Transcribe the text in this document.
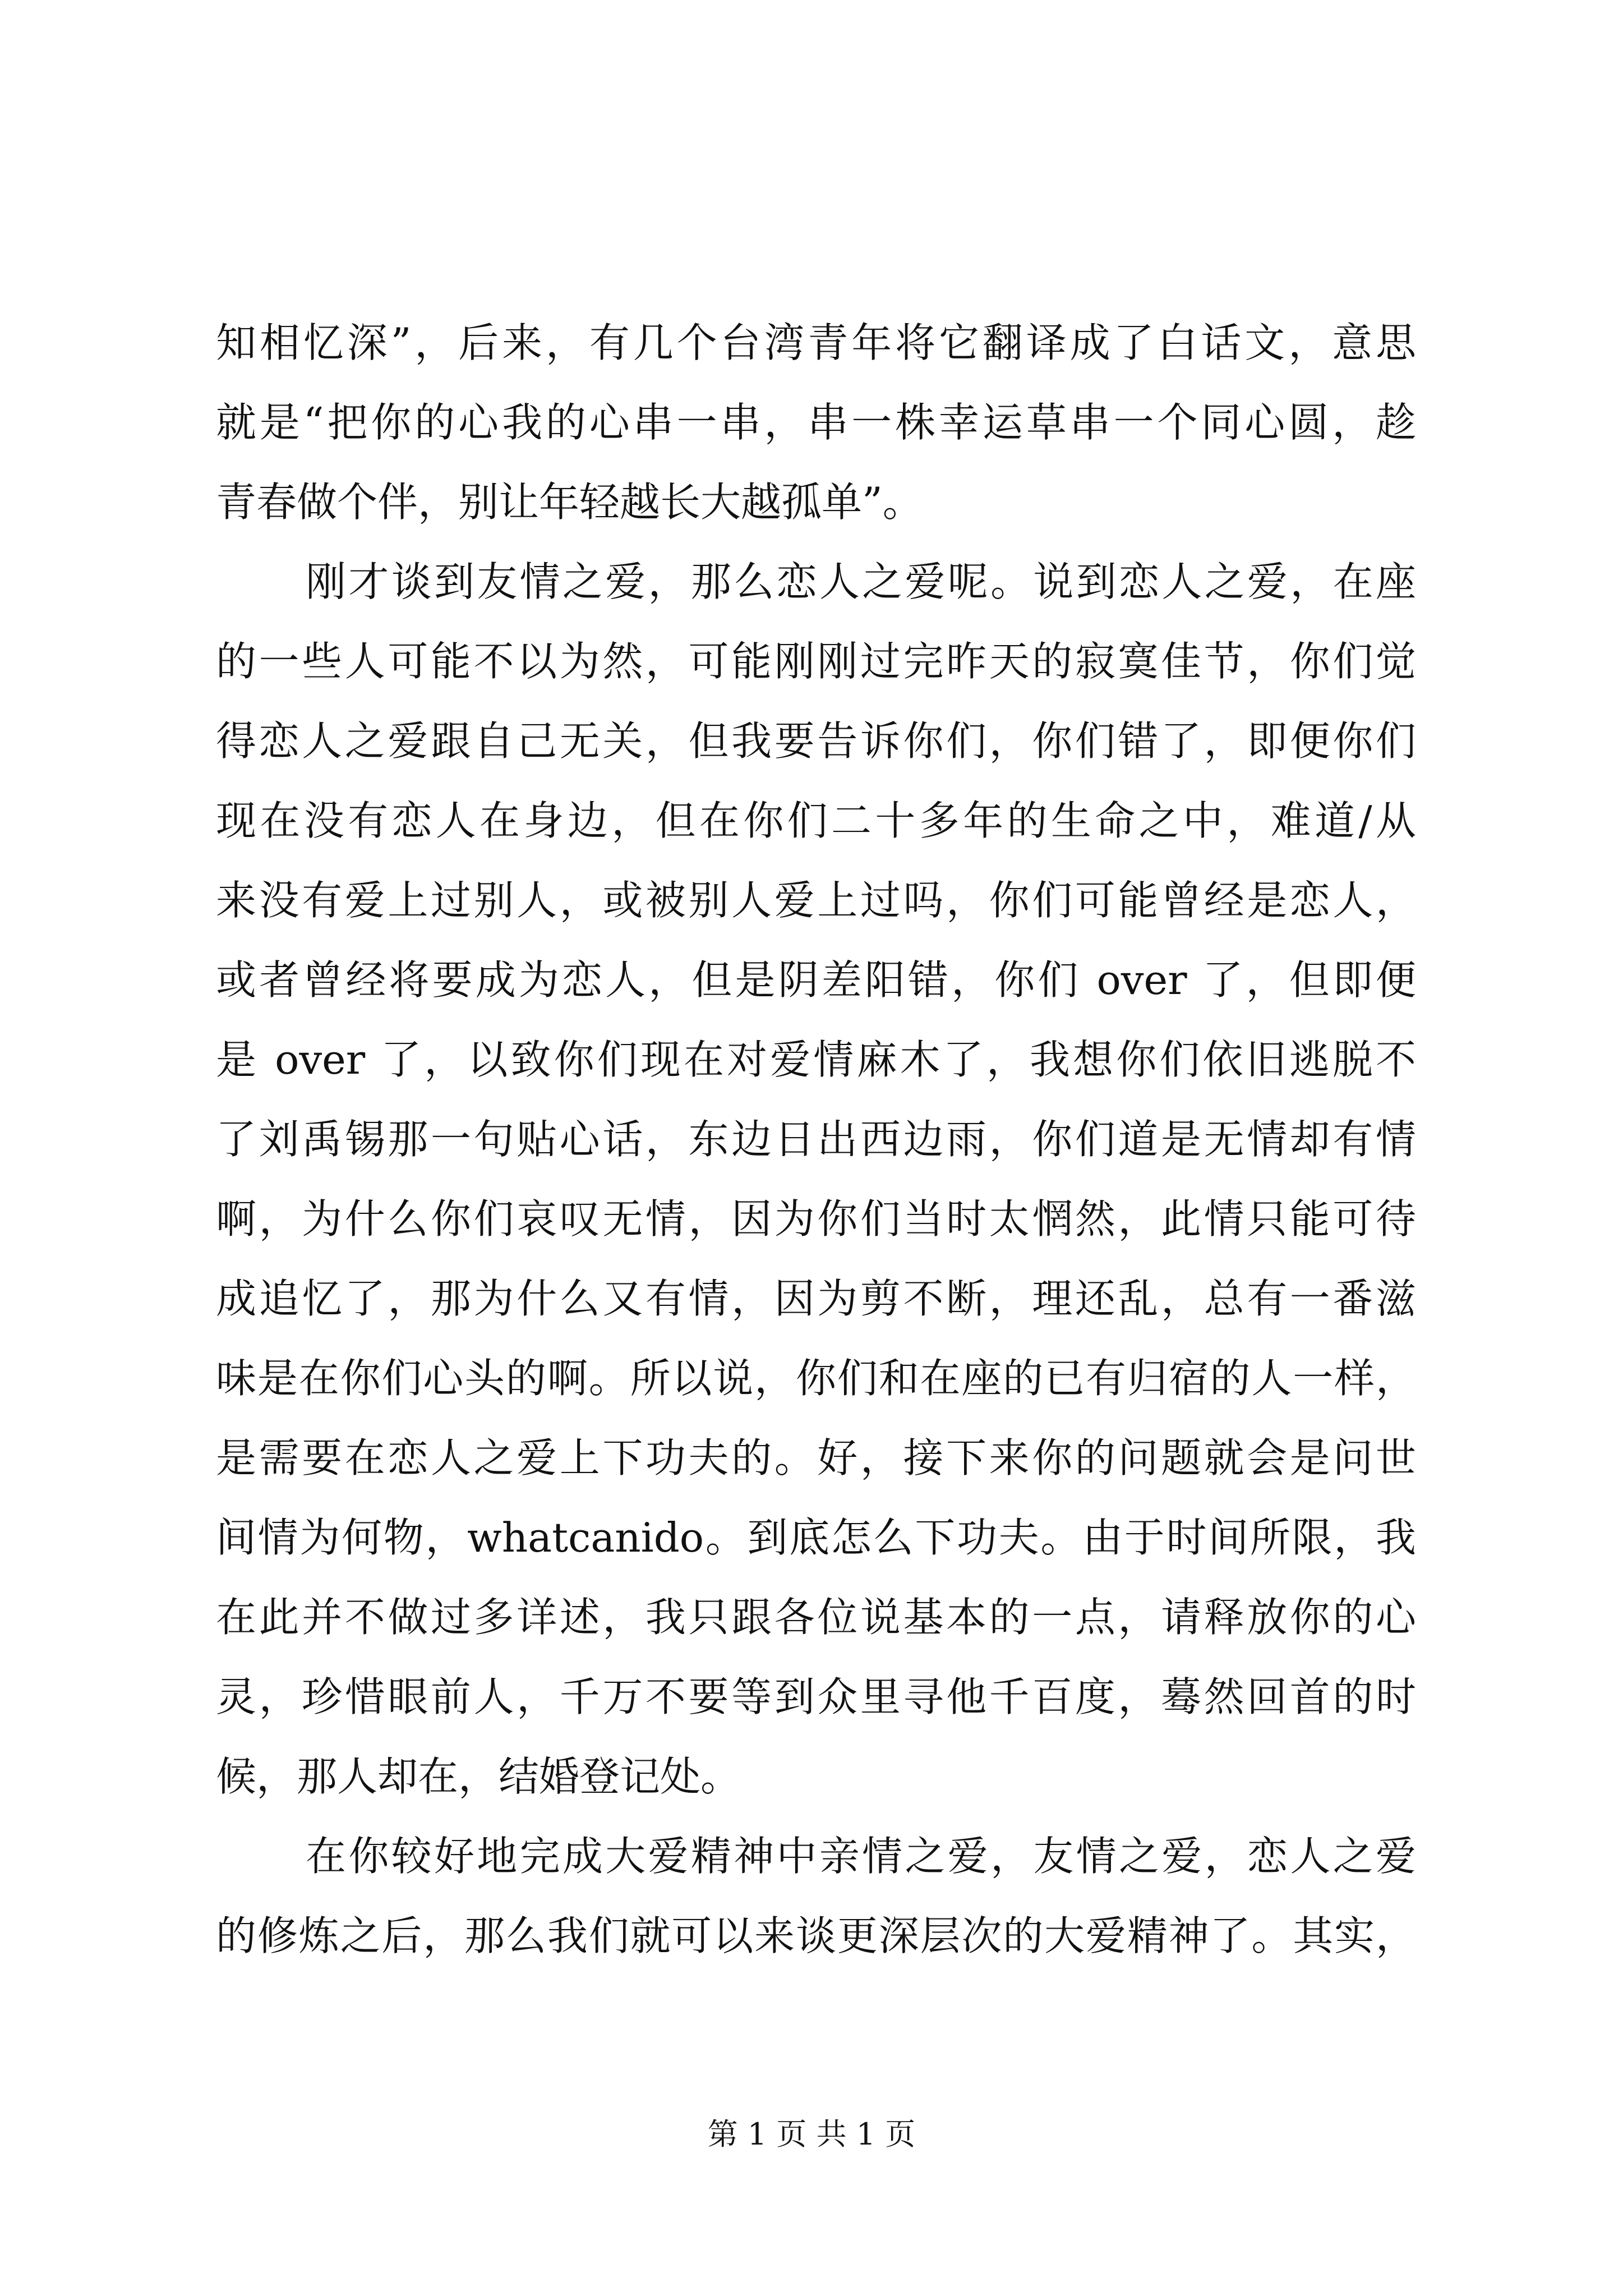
知相忆深”，后来，有几个台湾青年将它翻译成了白话文，意思
就是“把你的心我的心串一串，串一株幸运草串一个同心圆，趁
青春做个伴，别让年轻越长大越孤单”。
刚才谈到友情之爱，那么恋人之爱呢。说到恋人之爱，在座
的一些人可能不以为然，可能刚刚过完昨天的寂寞佳节，你们觉
得恋人之爱跟自己无关，但我要告诉你们，你们错了，即便你们
现在没有恋人在身边，但在你们二十多年的生命之中，难道/从
来没有爱上过别人，或被别人爱上过吗，你们可能曾经是恋人，
或者曾经将要成为恋人，但是阴差阳错，你们 over 了，但即便
是 over 了，以致你们现在对爱情麻木了，我想你们依旧逃脱不
了刘禹锡那一句贴心话，东边日出西边雨，你们道是无情却有情
啊，为什么你们哀叹无情，因为你们当时太惘然，此情只能可待
成追忆了，那为什么又有情，因为剪不断，理还乱，总有一番滋
味是在你们心头的啊。所以说，你们和在座的已有归宿的人一样，
是需要在恋人之爱上下功夫的。好，接下来你的问题就会是问世
间情为何物，whatcanido。到底怎么下功夫。由于时间所限，我
在此并不做过多详述，我只跟各位说基本的一点，请释放你的心
灵，珍惜眼前人，千万不要等到众里寻他千百度，蓦然回首的时
候，那人却在，结婚登记处。
在你较好地完成大爱精神中亲情之爱，友情之爱，恋人之爱
的修炼之后，那么我们就可以来谈更深层次的大爱精神了。其实，
第 1 页 共 1 页
